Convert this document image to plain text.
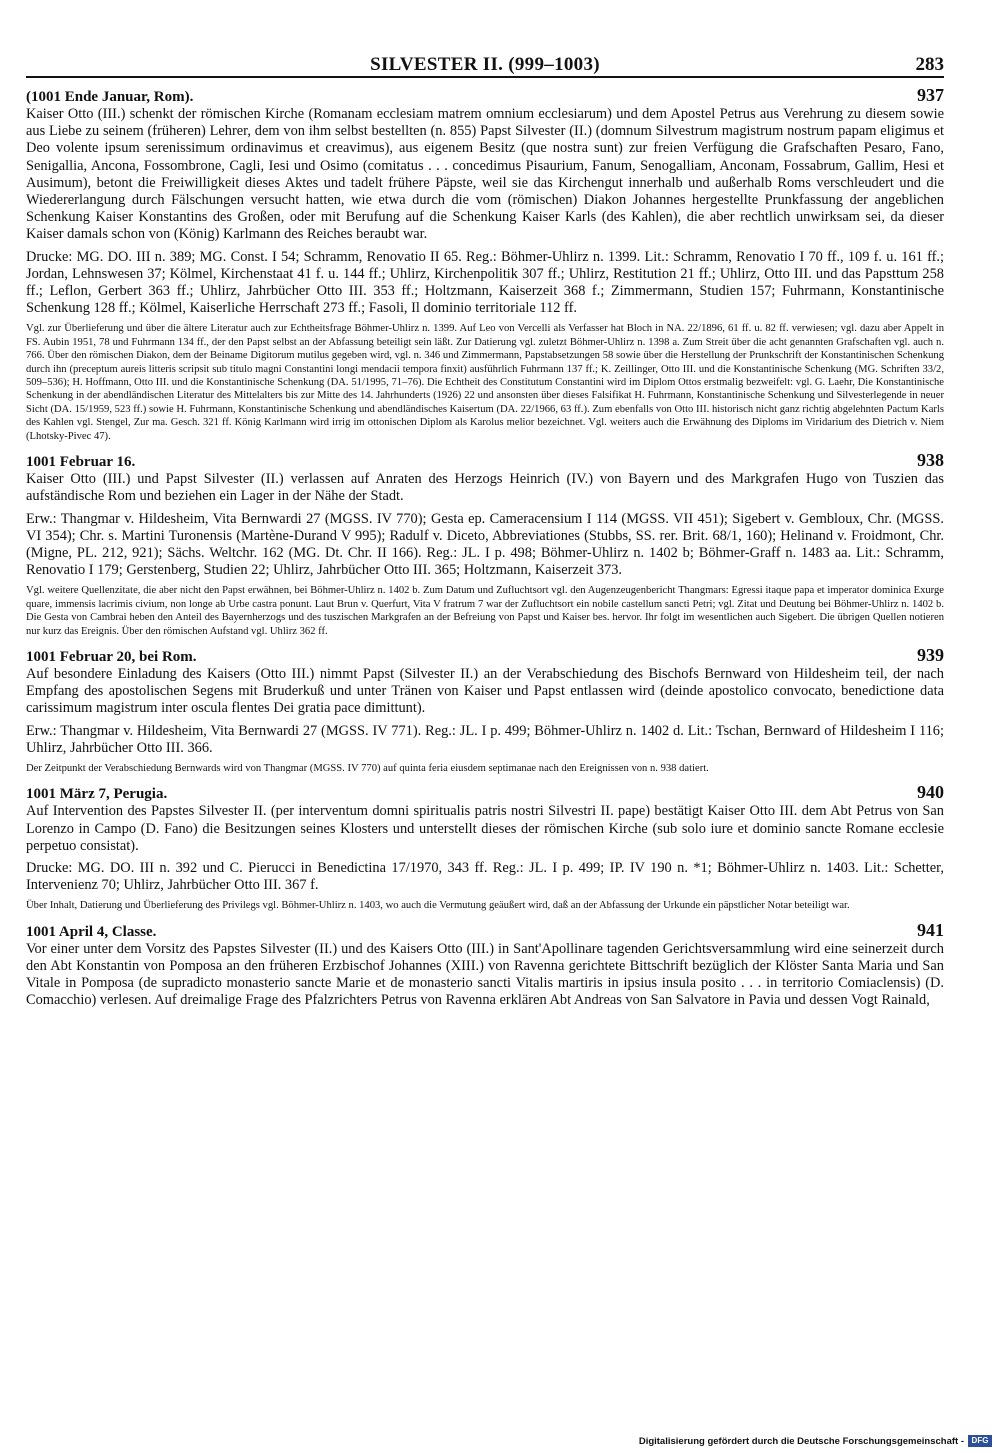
SILVESTER II. (999–1003)	283
(1001 Ende Januar, Rom).	937

Kaiser Otto (III.) schenkt der römischen Kirche (Romanam ecclesiam matrem omnium ecclesiarum) und dem Apostel Petrus aus Verehrung zu diesem sowie aus Liebe zu seinem (früheren) Lehrer, dem von ihm selbst bestellten (n. 855) Papst Silvester (II.) (domnum Silvestrum magistrum nostrum papam eligimus et Deo volente ipsum serenissimum ordinavimus et creavimus), aus eigenem Besitz (que nostra sunt) zur freien Verfügung die Grafschaften Pesaro, Fano, Senigallia, Ancona, Fossombrone, Cagli, Iesi und Osimo (comitatus . . . concedimus Pisaurium, Fanum, Senogalliam, Anconam, Fossabrum, Gallim, Hesi et Ausimum), betont die Freiwilligkeit dieses Aktes und tadelt frühere Päpste, weil sie das Kirchengut innerhalb und außerhalb Roms verschleudert und die Wiedererlangung durch Fälschungen versucht hatten, wie etwa durch die vom (römischen) Diakon Johannes hergestellte Prunkfassung der angeblichen Schenkung Kaiser Konstantins des Großen, oder mit Berufung auf die Schenkung Kaiser Karls (des Kahlen), die aber rechtlich unwirksam sei, da dieser Kaiser damals schon von (König) Karlmann des Reiches beraubt war.

Drucke: MG. DO. III n. 389; MG. Const. I 54; Schramm, Renovatio II 65. Reg.: Böhmer-Uhlirz n. 1399. Lit.: Schramm, Renovatio I 70 ff., 109 f. u. 161 ff.; Jordan, Lehnswesen 37; Kölmel, Kirchenstaat 41 f. u. 144 ff.; Uhlirz, Kirchenpolitik 307 ff.; Uhlirz, Restitution 21 ff.; Uhlirz, Otto III. und das Papsttum 258 ff.; Leflon, Gerbert 363 ff.; Uhlirz, Jahrbücher Otto III. 353 ff.; Holtzmann, Kaiserzeit 368 f.; Zimmermann, Studien 157; Fuhrmann, Konstantinische Schenkung 128 ff.; Kölmel, Kaiserliche Herrschaft 273 ff.; Fasoli, Il dominio territoriale 112 ff.

Vgl. zur Überlieferung und über die ältere Literatur auch zur Echtheitsfrage Böhmer-Uhlirz n. 1399. Auf Leo von Vercelli als Verfasser hat Bloch in NA. 22/1896, 61 ff. u. 82 ff. verwiesen; vgl. dazu aber Appelt in FS. Aubin 1951, 78 und Fuhrmann 134 ff., der den Papst selbst an der Abfassung beteiligt sein läßt. Zur Datierung vgl. zuletzt Böhmer-Uhlirz n. 1398 a. Zum Streit über die acht genannten Grafschaften vgl. auch n. 766. Über den römischen Diakon, dem der Beiname Digitorum mutilus gegeben wird, vgl. n. 346 und Zimmermann, Papstabsetzungen 58 sowie über die Herstellung der Prunkschrift der Konstantinischen Schenkung durch ihn (preceptum aureis litteris scripsit sub titulo magni Constantini longi mendacii tempora finxit) ausführlich Fuhrmann 137 ff.; K. Zeillinger, Otto III. und die Konstantinische Schenkung (MG. Schriften 33/2, 509–536); H. Hoffmann, Otto III. und die Konstantinische Schenkung (DA. 51/1995, 71–76). Die Echtheit des Constitutum Constantini wird im Diplom Ottos erstmalig bezweifelt: vgl. G. Laehr, Die Konstantinische Schenkung in der abendländischen Literatur des Mittelalters bis zur Mitte des 14. Jahrhunderts (1926) 22 und ansonsten über dieses Falsifikat H. Fuhrmann, Konstantinische Schenkung und Silvesterlegende in neuer Sicht (DA. 15/1959, 523 ff.) sowie H. Fuhrmann, Konstantinische Schenkung und abendländisches Kaisertum (DA. 22/1966, 63 ff.). Zum ebenfalls von Otto III. historisch nicht ganz richtig abgelehnten Pactum Karls des Kahlen vgl. Stengel, Zur ma. Gesch. 321 ff. König Karlmann wird irrig im ottonischen Diplom als Karolus melior bezeichnet. Vgl. weiters auch die Erwähnung des Diploms im Viridarium des Dietrich v. Niem (Lhotsky-Pivec 47).

1001 Februar 16.	938

Kaiser Otto (III.) und Papst Silvester (II.) verlassen auf Anraten des Herzogs Heinrich (IV.) von Bayern und des Markgrafen Hugo von Tuszien das aufständische Rom und beziehen ein Lager in der Nähe der Stadt.

Erw.: Thangmar v. Hildesheim, Vita Bernwardi 27 (MGSS. IV 770); Gesta ep. Cameracensium I 114 (MGSS. VII 451); Sigebert v. Gembloux, Chr. (MGSS. VI 354); Chr. s. Martini Turonensis (Martène-Durand V 995); Radulf v. Diceto, Abbreviationes (Stubbs, SS. rer. Brit. 68/1, 160); Helinand v. Froidmont, Chr. (Migne, PL. 212, 921); Sächs. Weltchr. 162 (MG. Dt. Chr. II 166). Reg.: JL. I p. 498; Böhmer-Uhlirz n. 1402 b; Böhmer-Graff n. 1483 aa. Lit.: Schramm, Renovatio I 179; Gerstenberg, Studien 22; Uhlirz, Jahrbücher Otto III. 365; Holtzmann, Kaiserzeit 373.

Vgl. weitere Quellenzitate, die aber nicht den Papst erwähnen, bei Böhmer-Uhlirz n. 1402 b. Zum Datum und Zufluchtsort vgl. den Augenzeugenbericht Thangmars: Egressi itaque papa et imperator dominica Exurge quare, immensis lacrimis civium, non longe ab Urbe castra ponunt. Laut Brun v. Querfurt, Vita V fratrum 7 war der Zufluchtsort ein nobile castellum sancti Petri; vgl. Zitat und Deutung bei Böhmer-Uhlirz n. 1402 b. Die Gesta von Cambrai heben den Anteil des Bayernherzogs und des tuszischen Markgrafen an der Befreiung von Papst und Kaiser bes. hervor. Ihr folgt im wesentlichen auch Sigebert. Die übrigen Quellen notieren nur kurz das Ereignis. Über den römischen Aufstand vgl. Uhlirz 362 ff.

1001 Februar 20, bei Rom.	939

Auf besondere Einladung des Kaisers (Otto III.) nimmt Papst (Silvester II.) an der Verabschiedung des Bischofs Bernward von Hildesheim teil, der nach Empfang des apostolischen Segens mit Bruderkuß und unter Tränen von Kaiser und Papst entlassen wird (deinde apostolico convocato, benedictione data carissimum magistrum inter oscula flentes Dei gratia pace dimittunt).

Erw.: Thangmar v. Hildesheim, Vita Bernwardi 27 (MGSS. IV 771). Reg.: JL. I p. 499; Böhmer-Uhlirz n. 1402 d. Lit.: Tschan, Bernward of Hildesheim I 116; Uhlirz, Jahrbücher Otto III. 366.

Der Zeitpunkt der Verabschiedung Bernwards wird von Thangmar (MGSS. IV 770) auf quinta feria eiusdem septimanae nach den Ereignissen von n. 938 datiert.

1001 März 7, Perugia.	940

Auf Intervention des Papstes Silvester II. (per interventum domni spiritualis patris nostri Silvestri II. pape) bestätigt Kaiser Otto III. dem Abt Petrus von San Lorenzo in Campo (D. Fano) die Besitzungen seines Klosters und unterstellt dieses der römischen Kirche (sub solo iure et dominio sancte Romane ecclesie perpetuo consistat).

Drucke: MG. DO. III n. 392 und C. Pierucci in Benedictina 17/1970, 343 ff. Reg.: JL. I p. 499; IP. IV 190 n. *1; Böhmer-Uhlirz n. 1403. Lit.: Schetter, Intervenienz 70; Uhlirz, Jahrbücher Otto III. 367 f.

Über Inhalt, Datierung und Überlieferung des Privilegs vgl. Böhmer-Uhlirz n. 1403, wo auch die Vermutung geäußert wird, daß an der Abfassung der Urkunde ein päpstlicher Notar beteiligt war.

1001 April 4, Classe.	941

Vor einer unter dem Vorsitz des Papstes Silvester (II.) und des Kaisers Otto (III.) in Sant'Apollinare tagenden Gerichtsversammlung wird eine seinerzeit durch den Abt Konstantin von Pomposa an den früheren Erzbischof Johannes (XIII.) von Ravenna gerichtete Bittschrift bezüglich der Klöster Santa Maria und San Vitale in Pomposa (de supradicto monasterio sancte Marie et de monasterio sancti Vitalis martiris in ipsius insula posito . . . in territorio Comiaclensis) (D. Comacchio) verlesen. Auf dreimalige Frage des Pfalzrichters Petrus von Ravenna erklären Abt Andreas von San Salvatore in Pavia und dessen Vogt Rainald,

Digitalisierung gefördert durch die Deutsche Forschungsgemeinschaft - DFG
